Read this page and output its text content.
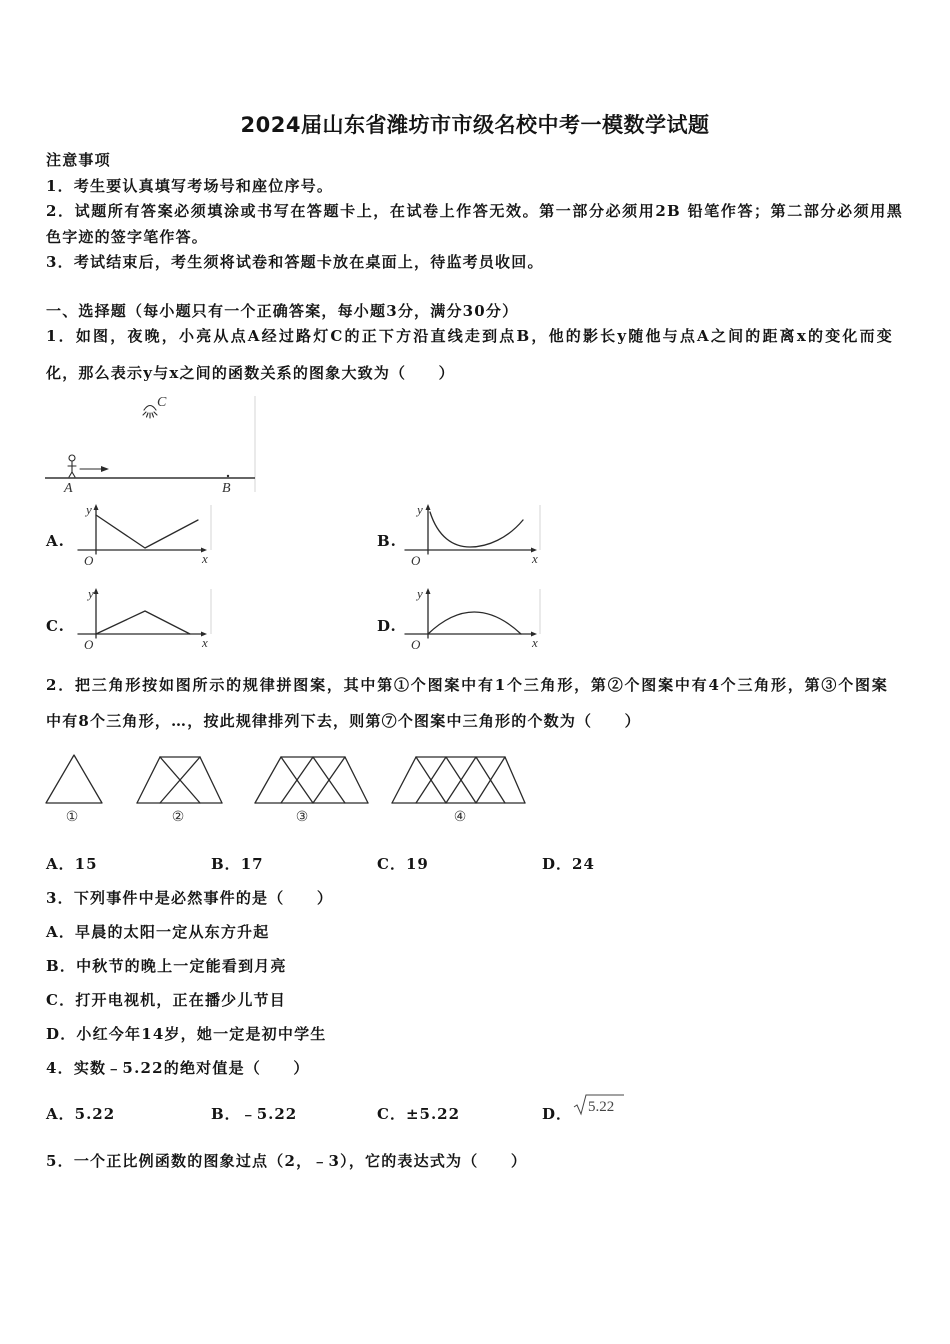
2024届山东省潍坊市市级名校中考一模数学试题
注意事项
1．考生要认真填写考场号和座位序号。
2．试题所有答案必须填涂或书写在答题卡上，在试卷上作答无效。第一部分必须用2B 铅笔作答；第二部分必须用黑
色字迹的签字笔作答。
3．考试结束后，考生须将试卷和答题卡放在桌面上，待监考员收回。
一、选择题（每小题只有一个正确答案，每小题3分，满分30分）
1．如图，夜晚，小亮从点A经过路灯C的正下方沿直线走到点B，他的影长y随他与点A之间的距离x的变化而变
化，那么表示y与x之间的函数关系的图象大致为（　　）
C
A	B
A.	B.
C.	D.
y
O	x
y
O	x
y
O	x
y
O	x
2．把三角形按如图所示的规律拼图案，其中第①个图案中有1个三角形，第②个图案中有4个三角形，第③个图案
中有8个三角形，…，按此规律排列下去，则第⑦个图案中三角形的个数为（　　）
①	②	③	④
A．15	B．17	C．19	D．24
3．下列事件中是必然事件的是（　　）
A．早晨的太阳一定从东方升起
B．中秋节的晚上一定能看到月亮
C．打开电视机，正在播少儿节目
D．小红今年14岁，她一定是初中学生
4．实数﹣5.22的绝对值是（　　）
A．5.22	B．﹣5.22	C．±5.22	D． 5.22
5．一个正比例函数的图象过点（2，﹣3），它的表达式为（　　）
